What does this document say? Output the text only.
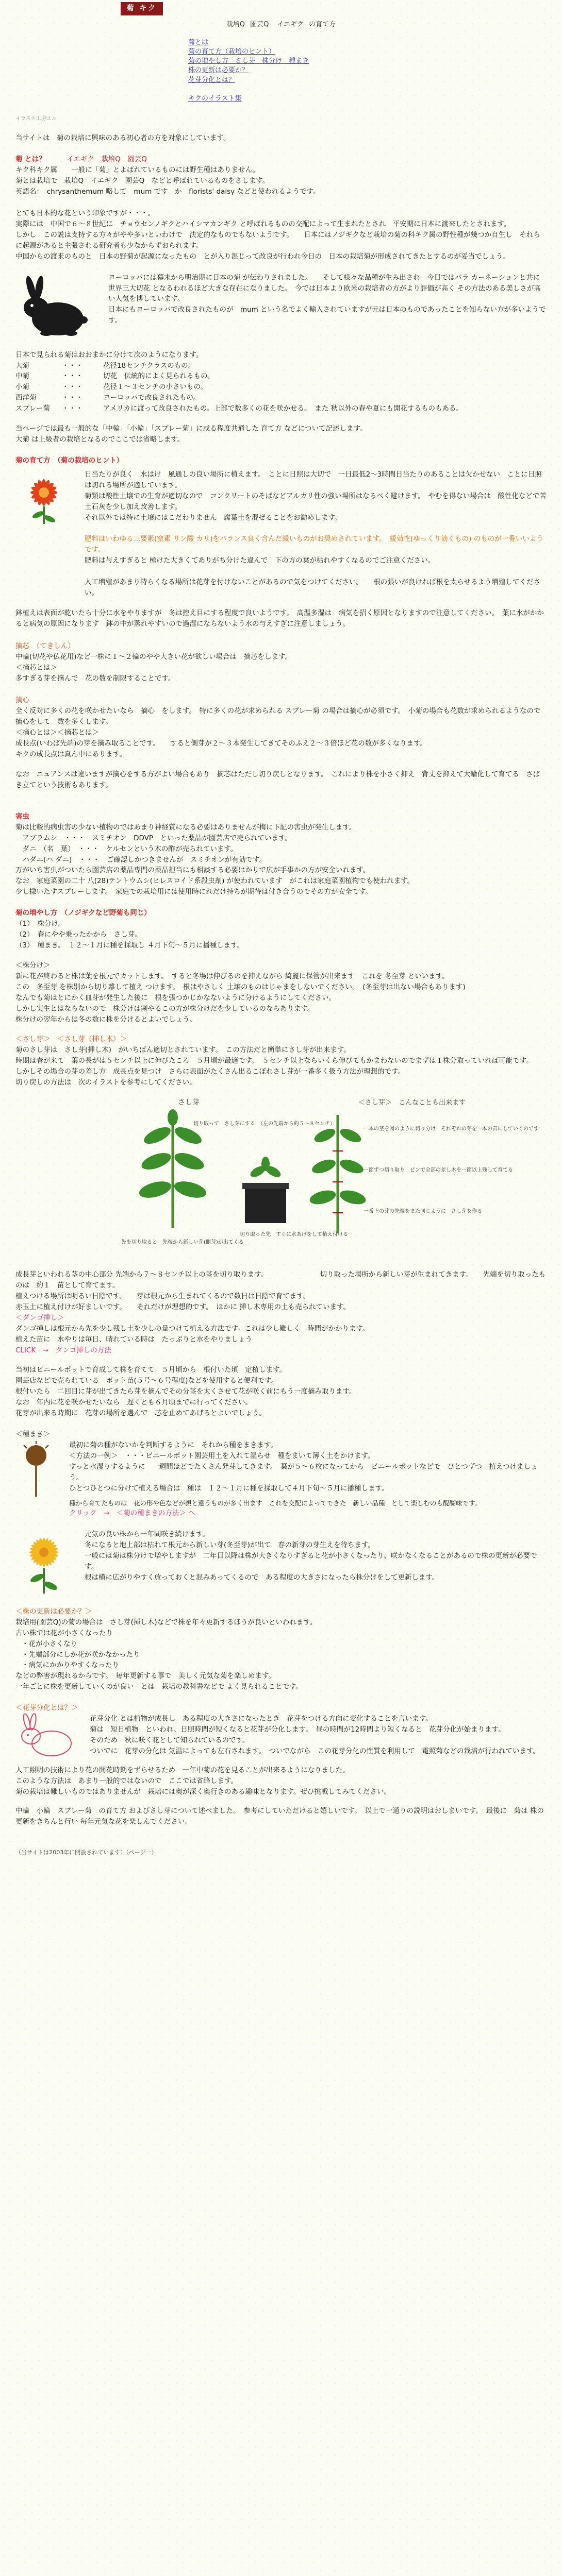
菊 キク
栽培Q 園芸Q イエギク の育て方
菊とは
菊の育て方（栽培のヒント）
菊の増やし方　さし芽　株分け　種まき
株の更新は必要か？
花芽分化とは？
キクのイラスト集
イラスト工房ユニ

当サイトは　菊の栽培に興味のある初心者の方を対象にしています。

菊 とは？　　　イエギク　栽培Q　園芸Q

キク科キク属　　一般に「菊」とよばれているものには野生種はありません。

菊とは栽培で　栽培Q　イエギク　園芸Q　などと呼ばれているものをさします。

英語名：　chrysanthemum 略して　mum です　か　florists' daisy などと使われるようです。

とても日本的な花という印象ですが・・・。

実際には　中国で６～８世紀に　チョウセンノギクとハイシマカンギク と呼ばれるものの交配によって生まれたとされ　平安期に日本に渡来したとされます。

しかし　この説は支持する方々がやや多いといわけで　決定的なものでもないようです。　　日本にはノジギクなど栽培の菊の科キク属の野性種が幾つか自生し　それらに起源があると主張される研究者も少なからずおられます。

中国からの渡来のものと　日本の野菊が起源になったもの　とが入り混じって改良が行われ今日の　日本の栽培菊が形成されてきたとするのが妥当でしょう。

ヨーロッパには幕末から明治期に日本の菊 が伝わりされました。　　そして様々な品種が生み出され　今日ではバラ カーネーションと共に　世界三大切花 となるわれるほど大きな存在になりました。　今では日本より欧米の栽培者の方がより評価が高く その方法のある美しさが高い人気を博しています。

日本にもヨーロッパで改良されたものが　mum という名でよく輸入されていますが元は日本のものであったことを知らない方が多いようです。

日本で見られる菊はおおまかに分けて次のようになります。

大菊	・・・	花径18センチクラスのもの。
中菊	・・・	切花　伝統的によく見られるもの。
小菊	・・・	花径１～３センチの小さいもの。
西洋菊	・・・	ヨーロッパで改良されたもの。
スプレー菊	・・・	アメリカに渡って改良されたもの。上部で数多くの花を咲かせる。　また 秋以外の春や夏にも開花するものもある。

当ページでは最も一般的な「中輪」「小輪」「スプレー菊」に或る程度共通した 育て方 などについて記述します。

大菊 は上級者の栽培となるのでここでは省略します。

菊の育て方　（菊の栽培のヒント）

日当たりが良く　水はけ　風通しの良い場所に植えます。　ことに日照は大切で　一日最低2～3時間日当たりのあることは欠かせない　ことに日照は切れる場所が適しています。

菊類は酸性土壌での生育が適切なので　コンクリートのそばなどアルカリ性の強い場所はなるべく避けます。　やむを得ない場合は　酸性化などで苦土石灰を少し加え改善します。

それ以外では特に土壌にはこだわりません　腐葉土を混ぜることをお勧めします。

肥料はいわゆる三要素(窒素 リン酸 カリ)をバランス良く含んだ緩いものがお奨めされています。　緩効性(ゆっくり効くもの) のものが一番いいようです。

肥料は与えすぎると 極けた大きくてありがち分けた違んで　下の方の葉が枯れやすくなるのでご注意ください。

人工増殖があまり特らくなる場所は花芽を付けないことがあるので気をつけてください。　　根の張いが良ければ根を太らせるよう増殖してください。

鉢植えは表面が乾いたら十分に水をやりますが　冬は控え目にする程度で良いようです。　高温多湿は　病気を招く原因となりますので注意してください。　葉に水がかかると病気の原因になります　鉢の中が蒸れやすいので過湿にならないよう水の与えすぎに注意しましょう。

摘芯　（てきしん）

中輪(切花や仏花用)など一株に１～２輪のやや大きい花が欲しい場合は　摘芯をします。

＜摘芯とは＞

多すぎる芽を摘んで　花の数を制限することです。

摘心

全く反対に多くの花を咲かせたいなら　摘心　をします。　特に多くの花が求められる スプレー菊 の場合は摘心が必須です。　小菊の場合も花数が求められるようなので　摘心をして　数を多くします。

＜摘心とは＞＜摘芯とは＞

成長点(いわば先端)の芽を摘み取ることです。　　すると側芽が２～３本発生してきてそのふえ２～３倍ほど花の数が多くなります。

キクの成長点は真ん中にあります。

なお　ニュアンスは違いますが摘心をする方がよい場合もあり　摘芯はただし切り戻しとなります。　これにより株を小さく抑え　背丈を抑えて大輪化して育てる　さばき立てという技術もあります。

害虫

菊は比較的病虫害の少ない植物のではあまり神経質になる必要はありませんが梅に下記の害虫が発生します。

　アブラムシ　・・・　スミチオン　DDVP　といった薬品が園芸店で売られています。

　ダニ　（名　葉）　・・・　ケルセンという木の酢が売られています。

　ハダニ(ハ ダニ)　・・・　ご確認しかつきませんが　スミチオンが有効です。

万がいち害虫がついたら園芸店の薬品専門の薬品担当にも相談する必要はかりで広が手事かの方が安全いれます。

なお　家庭菜園の二十 八(28)テントウムシ(ヒレスロイド系殺虫剤) が使われています　がこれは家庭菜園植物でも使われます。

少し撒いたすスプレーします。　家庭での栽培用には使用時にれだけ持ちが期待は付き合うのでその方が安全です。

菊の増やし方　（ノジギクなど野菊も同じ）

（1）　株分け。

（2）　春にやや乗ったかから　さし芽。

（3）　種まき。　１２～１月に種を採取し ４月下旬～５月に播種します。

＜株分け＞

新に花が終わると株は葉を根元でカットします。　すると冬場は伸びるのを抑えながら 綺麗に保管が出来ます　これを 冬至芽 といいます。

この　冬至芽 を株別から切り離して植え つけます。　根はやさしく 土壌のものはじゃまをしないでください。　(冬至芽は出ない場合もあります)

なんでも菊はとにかく皿芽が発生した後に　根を張つかじかなないように分けるようにしてください。

しかし実生とはならないので　株分けは割やるこの方が株分けだを少しているのならあります。

株分けの翌年からは冬の数に株を分けるとよいでしょう。

＜さし芽＞　＜さし芽（挿し木）＞

菊のさし芽は　さし芽(挿し木)　がいちばん適切とされています。　この方法だと簡単にさし芽が出来ます。

時期は春が来て　葉の長がは５センチ以上に伸びたころ　５月頃が最適です。　５センチ以上ならいくら伸びてもかまわないのでまずは１株分取っていれば可能です。

しかしその場合の芽の差し方　成長点を見つけ　さらに表面がたくさん出るこぼれさし芽が一番多く扱う方法が理想的です。

切り戻しの方法は　次のイラストを参考にしてください。

さし芽
切り取って　さし芽にする　（左の先端から約５～８センチ）
先を切り取ると　先端から新しい芽(側芽)が出てくる
切り取った先　すぐに水あげをして植え付ける
＜さし芽＞　こんなことも出来ます
一本の茎を図のように切り分け　それぞれの芽を一本の苗にしていくのです
一節ずつ切り取り　ピンで全部の差し木を一節以上残して育てる
一番上の芽の先端をまた同じように　さし芽を作る

成長芽といわれる茎の中心部分 先端から７～８センチ以上の茎を切り取ります。　　　　　　　　切り取った場所から新しい芽が生まれてきます。　　先端を切り取ったものは　約１　苗として育てます。

植えつける場所は明るい日陰です。　　芽は根元から生まれてくるので数日は日陰で育てます。

赤玉土に植え付けが好ましいです。　　それだけが理想的です。　ほかに 挿し木専用の土も売られています。

＜ダンゴ挿し＞

ダンゴ挿しは根元から先を少し残し土を少しの量つけて植える方法です。これは少し難しく　時間がかかります。

植えた苗に　水やりは毎日、晴れている時は　たっぷりと水をやりましょう

CLICK　→　ダンゴ挿しの方法

当初はビニールポットで育成して株を育てて　５月頃から　根付いた頃　定植します。

園芸店などで売られている　ポット苗(５号～６号程度)などを使用すると便利です。

根付いたら　二回目に芽が出てきたら芽を摘んでその分茎を太くさせて花が咲く前にもう一度摘み取ります。

なお　年内に花を咲かせたいなら　遅くとも６月頃までに行ってください。

花芽が出来る時期に　花芽の場所を選んで　芯を止めてあげるとよいでしょう。

＜種まき＞

最初に菊の種がないかを判断するように　それから種をまきます。

＜方法の一例＞　・・・ビニールポット園芸用土を入れて湿らせ　種をまいて薄く土をかけます。

すっと水湿りするように　一週間ほどでたくさん発芽してきます。　葉が５～６枚になってから　ビニールポットなどで　ひとつずつ　植えつけましょう。

ひとつひとつに分けて植える場合は　種は　１２～１月に種を採取して４月下旬～５月に播種します。

種から育てたものは　花の形や色などが親と違うものが多く出ます　これを交配によってできた　新しい品種　として楽しむのも醍醐味です。

クリック　→　＜菊の種まきの方法＞ へ

元気の良い株から一年間咲き続けます。

冬になると地上部は枯れて根元から新しい芽(冬至芽)が出て　春の新芽の芽生えを待ちます。

一般には菊は株分けで増やしますが　二年目以降は株が大きくなりすぎると花が小さくなったり、咲かなくなることがあるので株の更新が必要です。

根は横に広がりやすく放っておくと混みあってくるので　ある程度の大きさになったら株分けをして更新します。

＜株の更新は必要か？＞

栽培用(園芸Q)の菊の場合は　さし芽(挿し木)などで株を年々更新するほうが良いといわれます。

古い株では花が小さくなったり

・花が小さくなり

・先端部分にしか花が咲かなかったり

・病気にかかりやすくなったり

などの弊害が現れるからです。　毎年更新する事で　美しく元気な菊を楽しめます。

一年ごとに株を更新していくのが良い　とは　栽培の教科書などで よく見られることです。

＜花芽分化とは？＞

花芽分化 とは植物が成長し　ある程度の大きさになったとき　花芽をつける方向に変化することを言います。

菊は　短日植物　といわれ、日照時間が短くなると花芽が分化します。　昼の時間が12時間より短くなると　花芽分化が始まります。

そのため　秋に咲く花として知られているのです。

ついでに　花芽の分化は 気温によっても左右されます。　ついでながら　この花芽分化の性質を利用して　電照菊などの栽培が行われています。

人工照明の技術により花の開花時期をずらせるため　一年中菊の花を見ることが出来るようになりました。

このような方法は　あまり一般的ではないので　ここでは省略します。

菊の栽培は難しいものではありませんが　栽培には奥が深く奥行きのある趣味となります。ぜひ挑戦してみてください。

中輪　小輪　スプレー菊　の育て方 およびさし芽について述べました。　参考にしていただけると嬉しいです。　以上で一通りの説明はおしまいです。　最後に　菊は 株の更新をきちんと行い 毎年元気な花を楽しんでください。

（当サイトは2003年に開設されています）（ページ一）
